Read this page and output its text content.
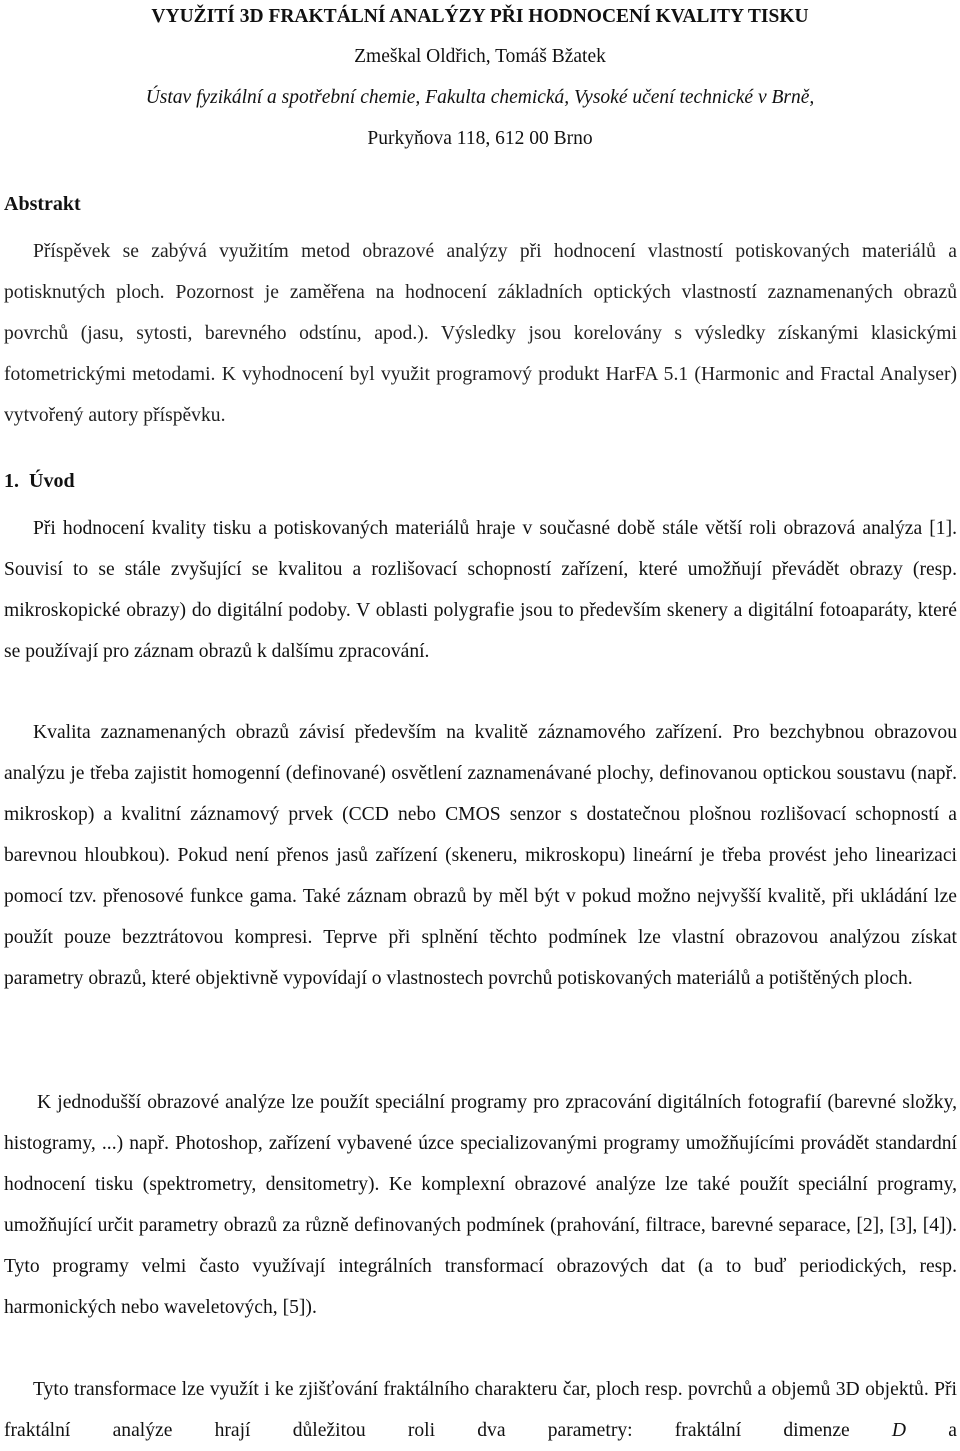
VYUŽITÍ 3D FRAKTÁLNÍ ANALÝZY PŘI HODNOCENÍ KVALITY TISKU
Zmeškal Oldřich, Tomáš Bžatek
Ústav fyzikální a spotřební chemie, Fakulta chemická, Vysoké učení technické v Brně,
Purkyňova 118, 612 00 Brno
Abstrakt

Příspěvek se zabývá využitím metod obrazové analýzy při hodnocení vlastností potiskovaných materiálů a potisknutých ploch. Pozornost je zaměřena na hodnocení základních optických vlastností zaznamenaných obrazů povrchů (jasu, sytosti, barevného odstínu, apod.). Výsledky jsou korelovány s výsledky získanými klasickými fotometrickými metodami. K vyhodnocení byl využit programový produkt HarFA 5.1 (Harmonic and Fractal Analyser) vytvořený autory příspěvku.

1.  Úvod

Při hodnocení kvality tisku a potiskovaných materiálů hraje v současné době stále větší roli obrazová analýza [1]. Souvisí to se stále zvyšující se kvalitou a rozlišovací schopností zařízení, které umožňují převádět obrazy (resp. mikroskopické obrazy) do digitální podoby. V oblasti polygrafie jsou to především skenery a digitální fotoaparáty, které se používají pro záznam obrazů k dalšímu zpracování.

Kvalita zaznamenaných obrazů závisí především na kvalitě záznamového zařízení. Pro bezchybnou obrazovou analýzu je třeba zajistit homogenní (definované) osvětlení zaznamenávané plochy, definovanou optickou soustavu (např. mikroskop) a kvalitní záznamový prvek (CCD nebo CMOS senzor s dostatečnou plošnou rozlišovací schopností a barevnou hloubkou). Pokud není přenos jasů zařízení (skeneru, mikroskopu) lineární je třeba provést jeho linearizaci pomocí tzv. přenosové funkce gama. Také záznam obrazů by měl být v pokud možno nejvyšší kvalitě, při ukládání lze použít pouze bezztrátovou kompresi. Teprve při splnění těchto podmínek lze vlastní obrazovou analýzou získat parametry obrazů, které objektivně vypovídají o vlastnostech povrchů potiskovaných materiálů a potištěných ploch.

K jednodušší obrazové analýze lze použít speciální programy pro zpracování digitálních fotografií (barevné složky, histogramy, ...) např. Photoshop, zařízení vybavené úzce specializovanými programy umožňujícími provádět standardní hodnocení tisku (spektrometry, densitometry). Ke komplexní obrazové analýze lze také použít speciální programy, umožňující určit parametry obrazů za různě definovaných podmínek (prahování, filtrace, barevné separace, [2], [3], [4]). Tyto programy velmi často využívají integrálních transformací obrazových dat (a to buď periodických, resp. harmonických nebo waveletových, [5]).

Tyto transformace lze využít i ke zjišťování fraktálního charakteru čar, ploch resp. povrchů a objemů 3D objektů. Při fraktální analýze hrají důležitou roli dva parametry: fraktální dimenze D a
